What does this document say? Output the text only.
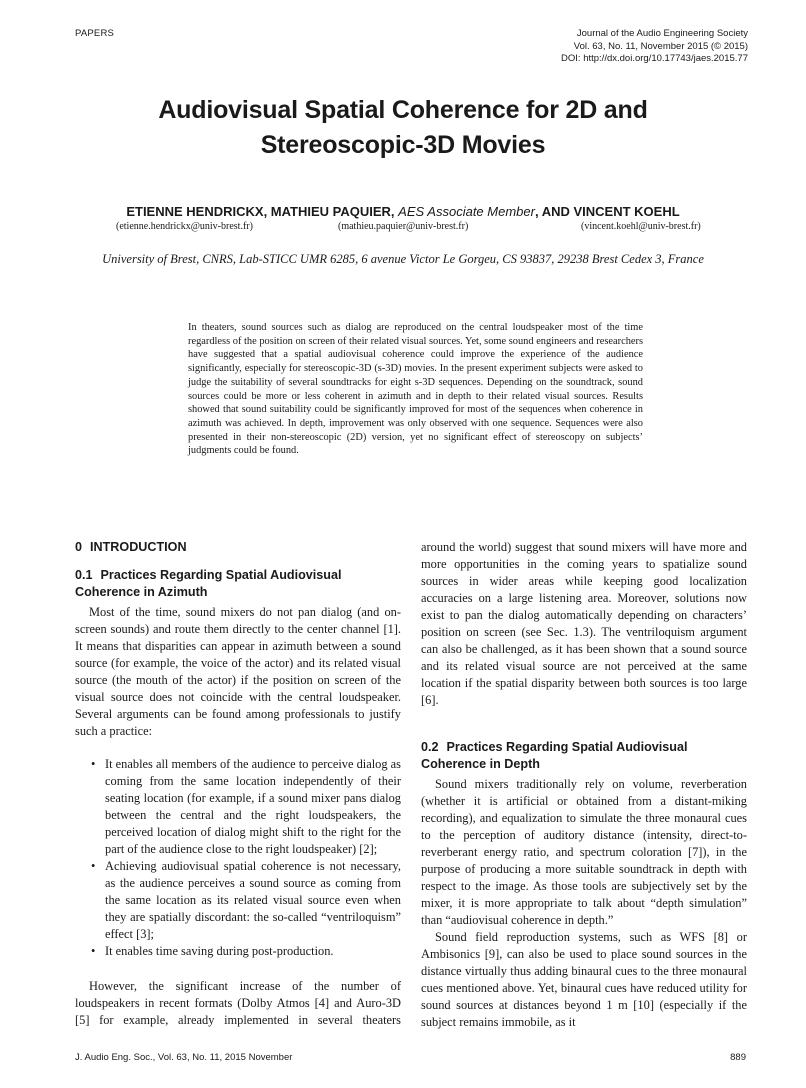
PAPERS	Journal of the Audio Engineering Society
Vol. 63, No. 11, November 2015 (© 2015)
DOI: http://dx.doi.org/10.17743/jaes.2015.77
Audiovisual Spatial Coherence for 2D and
Stereoscopic-3D Movies
ETIENNE HENDRICKX, MATHIEU PAQUIER, AES Associate Member, AND VINCENT KOEHL
(etienne.hendrickx@univ-brest.fr)	(mathieu.paquier@univ-brest.fr)	(vincent.koehl@univ-brest.fr)
University of Brest, CNRS, Lab-STICC UMR 6285, 6 avenue Victor Le Gorgeu, CS 93837, 29238 Brest Cedex 3, France
In theaters, sound sources such as dialog are reproduced on the central loudspeaker most of the time regardless of the position on screen of their related visual sources. Yet, some sound engineers and researchers have suggested that a spatial audiovisual coherence could improve the experience of the audience significantly, especially for stereoscopic-3D (s-3D) movies. In the present experiment subjects were asked to judge the suitability of several soundtracks for eight s-3D sequences. Depending on the soundtrack, sound sources could be more or less coherent in azimuth and in depth to their related visual sources. Results showed that sound suitability could be significantly improved for most of the sequences when coherence in azimuth was achieved. In depth, improvement was only observed with one sequence. Sequences were also presented in their non-stereoscopic (2D) version, yet no significant effect of stereoscopy on subjects’ judgments could be found.
0 INTRODUCTION
0.1 Practices Regarding Spatial Audiovisual Coherence in Azimuth

Most of the time, sound mixers do not pan dialog (and on-screen sounds) and route them directly to the center channel [1]. It means that disparities can appear in azimuth between a sound source (for example, the voice of the actor) and its related visual source (the mouth of the actor) if the position on screen of the visual source does not coincide with the central loudspeaker. Several arguments can be found among professionals to justify such a practice:

• It enables all members of the audience to perceive dialog as coming from the same location independently of their seating location (for example, if a sound mixer pans dialog between the central and the right loudspeakers, the perceived location of dialog might shift to the right for the part of the audience close to the right loudspeaker) [2];
• Achieving audiovisual spatial coherence is not necessary, as the audience perceives a sound source as coming from the same location as its related visual source even when they are spatially discordant: the so-called “ventriloquism” effect [3];
• It enables time saving during post-production.

However, the significant increase of the number of loudspeakers in recent formats (Dolby Atmos [4] and Auro-3D [5] for example, already implemented in several theaters

around the world) suggest that sound mixers will have more and more opportunities in the coming years to spatialize sound sources in wider areas while keeping good localization accuracies on a large listening area. Moreover, solutions now exist to pan the dialog automatically depending on characters’ position on screen (see Sec. 1.3). The ventriloquism argument can also be challenged, as it has been shown that a sound source and its related visual source are not perceived at the same location if the spatial disparity between both sources is too large [6].

0.2 Practices Regarding Spatial Audiovisual Coherence in Depth

Sound mixers traditionally rely on volume, reverberation (whether it is artificial or obtained from a distant-miking recording), and equalization to simulate the three monaural cues to the perception of auditory distance (intensity, direct-to-reverberant energy ratio, and spectrum coloration [7]), in the purpose of producing a more suitable soundtrack in depth with respect to the image. As those tools are subjectively set by the mixer, it is more appropriate to talk about “depth simulation” than “audiovisual coherence in depth.”

Sound field reproduction systems, such as WFS [8] or Ambisonics [9], can also be used to place sound sources in the distance virtually thus adding binaural cues to the three monaural cues mentioned above. Yet, binaural cues have reduced utility for sound sources at distances beyond 1 m [10] (especially if the subject remains immobile, as it

J. Audio Eng. Soc., Vol. 63, No. 11, 2015 November	889
